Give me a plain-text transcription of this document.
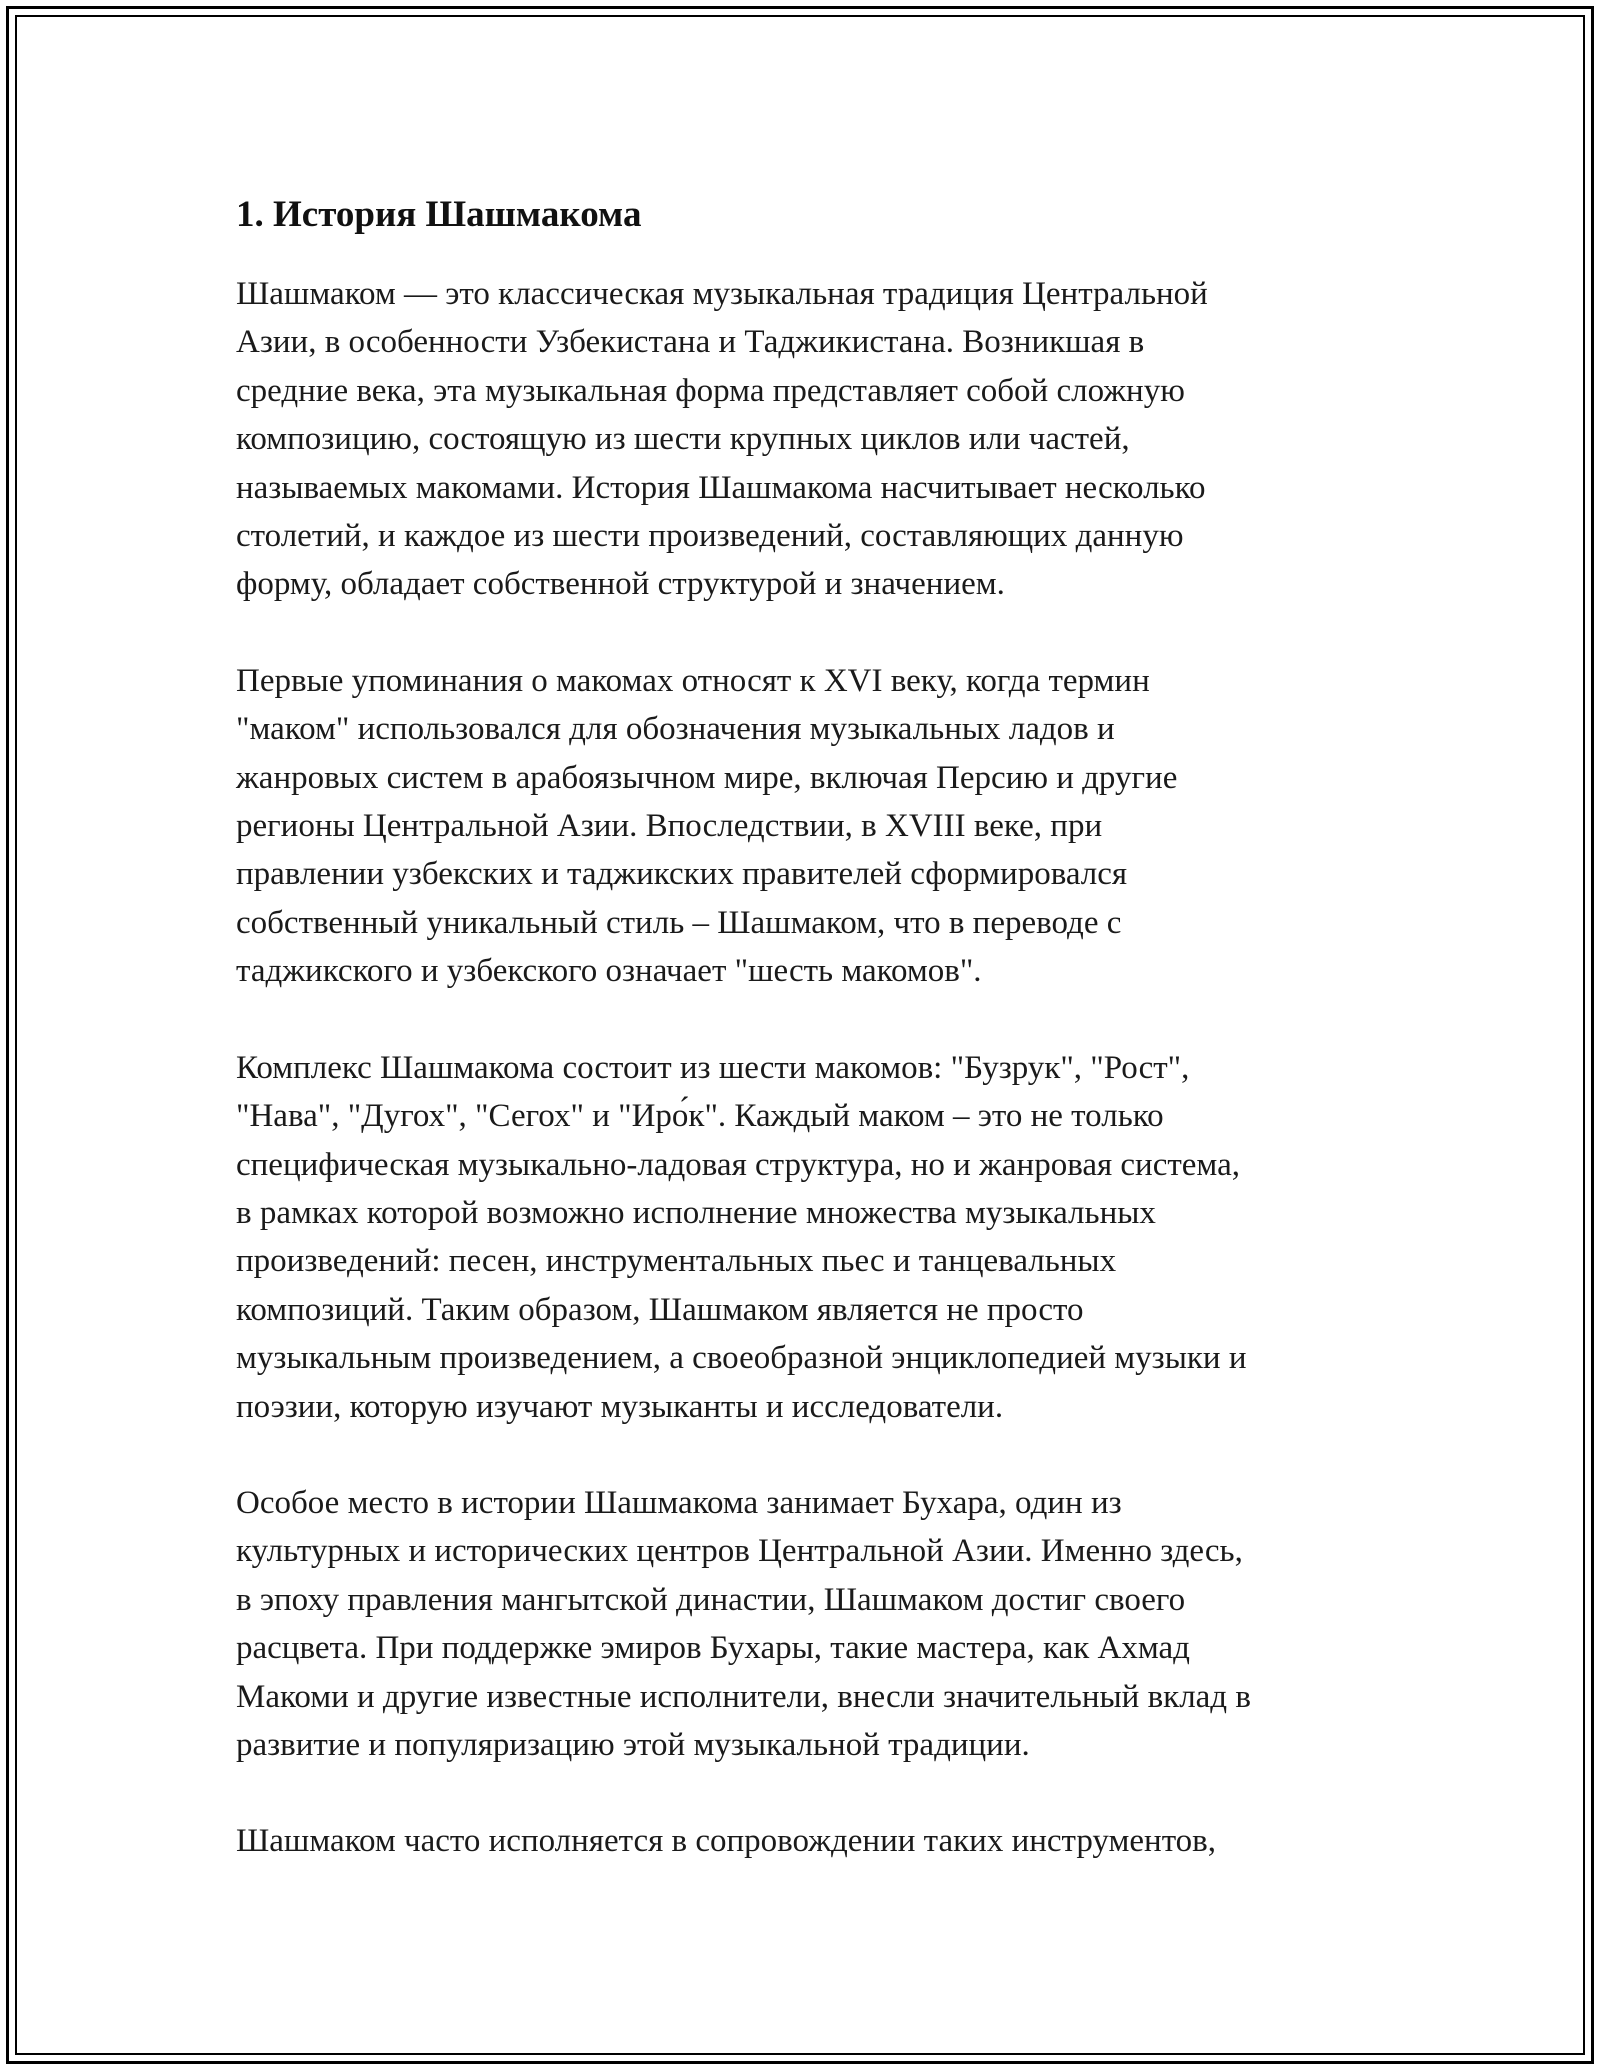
1. История Шашмакома
Шашмаком — это классическая музыкальная традиция Центральной
Азии, в особенности Узбекистана и Таджикистана. Возникшая в
средние века, эта музыкальная форма представляет собой сложную
композицию, состоящую из шести крупных циклов или частей,
называемых макомами. История Шашмакома насчитывает несколько
столетий, и каждое из шести произведений, составляющих данную
форму, обладает собственной структурой и значением.
Первые упоминания о макомах относят к XVI веку, когда термин
"маком" использовался для обозначения музыкальных ладов и
жанровых систем в арабоязычном мире, включая Персию и другие
регионы Центральной Азии. Впоследствии, в XVIII веке, при
правлении узбекских и таджикских правителей сформировался
собственный уникальный стиль – Шашмаком, что в переводе с
таджикского и узбекского означает "шесть макомов".
Комплекс Шашмакома состоит из шести макомов: "Бузрук", "Рост",
"Нава", "Дугох", "Сегох" и "Иро́к". Каждый маком – это не только
специфическая музыкально-ладовая структура, но и жанровая система,
в рамках которой возможно исполнение множества музыкальных
произведений: песен, инструментальных пьес и танцевальных
композиций. Таким образом, Шашмаком является не просто
музыкальным произведением, а своеобразной энциклопедией музыки и
поэзии, которую изучают музыканты и исследователи.
Особое место в истории Шашмакома занимает Бухара, один из
культурных и исторических центров Центральной Азии. Именно здесь,
в эпоху правления мангытской династии, Шашмаком достиг своего
расцвета. При поддержке эмиров Бухары, такие мастера, как Ахмад
Макоми и другие известные исполнители, внесли значительный вклад в
развитие и популяризацию этой музыкальной традиции.
Шашмаком часто исполняется в сопровождении таких инструментов,
